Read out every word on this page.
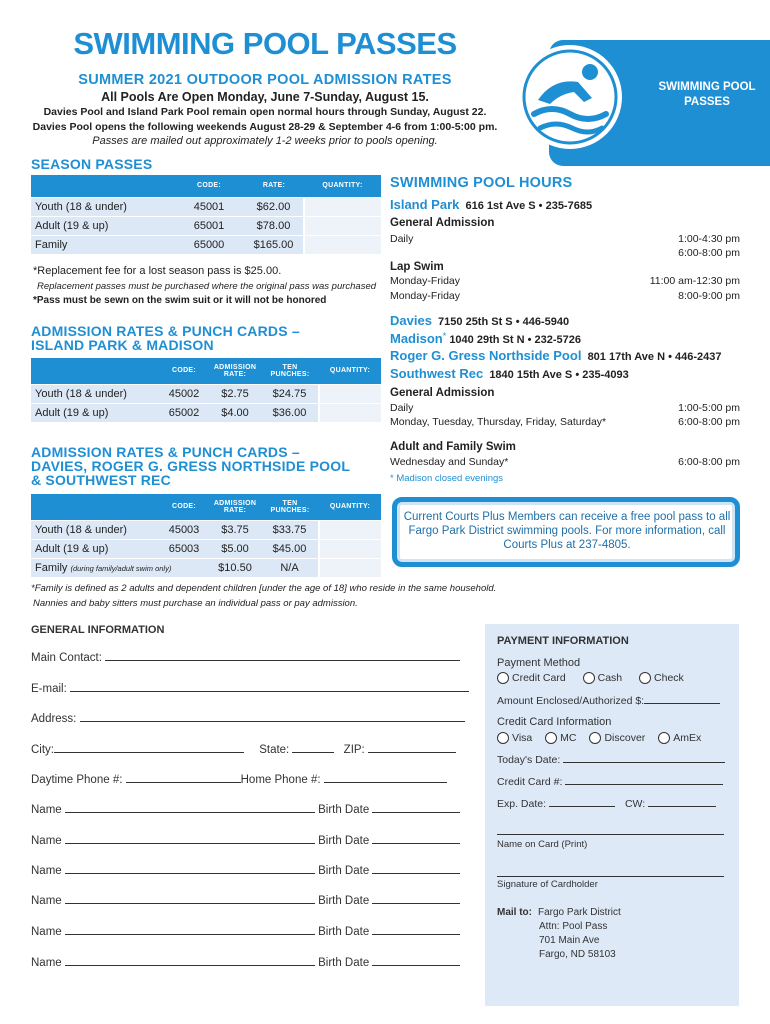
SWIMMING POOL PASSES
SUMMER 2021 OUTDOOR POOL ADMISSION RATES
All Pools Are Open Monday, June 7-Sunday, August 15.
Davies Pool and Island Park Pool remain open normal hours through Sunday, August 22.
Davies Pool opens the following weekends August 28-29 & September 4-6 from 1:00-5:00 pm.
Passes are mailed out approximately 1-2 weeks prior to pools opening.
SWIMMING POOL PASSES
SEASON PASSES
	CODE:	RATE:	QUANTITY:
Youth (18 & under)	45001	$62.00	
Adult (19 & up)	65001	$78.00	
Family	65000	$165.00	
*Replacement fee for a lost season pass is $25.00.
Replacement passes must be purchased where the original pass was purchased
*Pass must be sewn on the swim suit or it will not be honored
ADMISSION RATES & PUNCH CARDS –
ISLAND PARK & MADISON
	CODE:	ADMISSION RATE:	TEN PUNCHES:	QUANTITY:
Youth (18 & under)	45002	$2.75	$24.75	
Adult (19 & up)	65002	$4.00	$36.00	
ADMISSION RATES & PUNCH CARDS –
DAVIES, ROGER G. GRESS NORTHSIDE POOL
& SOUTHWEST REC
	CODE:	ADMISSION RATE:	TEN PUNCHES:	QUANTITY:
Youth (18 & under)	45003	$3.75	$33.75	
Adult (19 & up)	65003	$5.00	$45.00	
Family (during family/adult swim only)		$10.50	N/A	
*Family is defined as 2 adults and dependent children [under the age of 18] who reside in the same household.
Nannies and baby sitters must purchase an individual pass or pay admission.
SWIMMING POOL HOURS
Island Park 616 1st Ave S • 235-7685
General Admission
Daily	1:00-4:30 pm
6:00-8:00 pm
Lap Swim
Monday-Friday	11:00 am-12:30 pm
Monday-Friday	8:00-9:00 pm
Davies 7150 25th St S • 446-5940
Madison* 1040 29th St N • 232-5726
Roger G. Gress Northside Pool 801 17th Ave N • 446-2437
Southwest Rec 1840 15th Ave S • 235-4093
General Admission
Daily	1:00-5:00 pm
Monday, Tuesday, Thursday, Friday, Saturday*	6:00-8:00 pm
Adult and Family Swim
Wednesday and Sunday*	6:00-8:00 pm
* Madison closed evenings
Current Courts Plus Members can receive a free pool pass to all Fargo Park District swimming pools. For more information, call Courts Plus at 237-4805.
GENERAL INFORMATION
Main Contact:
E-mail:
Address:
City:	State:	ZIP:
Daytime Phone #:	Home Phone #:
Name	Birth Date
Name	Birth Date
Name	Birth Date
Name	Birth Date
Name	Birth Date
Name	Birth Date
PAYMENT INFORMATION
Payment Method
Credit Card	Cash	Check
Amount Enclosed/Authorized $:
Credit Card Information
Visa	MC	Discover	AmEx
Today's Date:
Credit Card #:
Exp. Date:	CW:
Name on Card (Print)
Signature of Cardholder
Mail to: Fargo Park District
Attn: Pool Pass
701 Main Ave
Fargo, ND 58103
